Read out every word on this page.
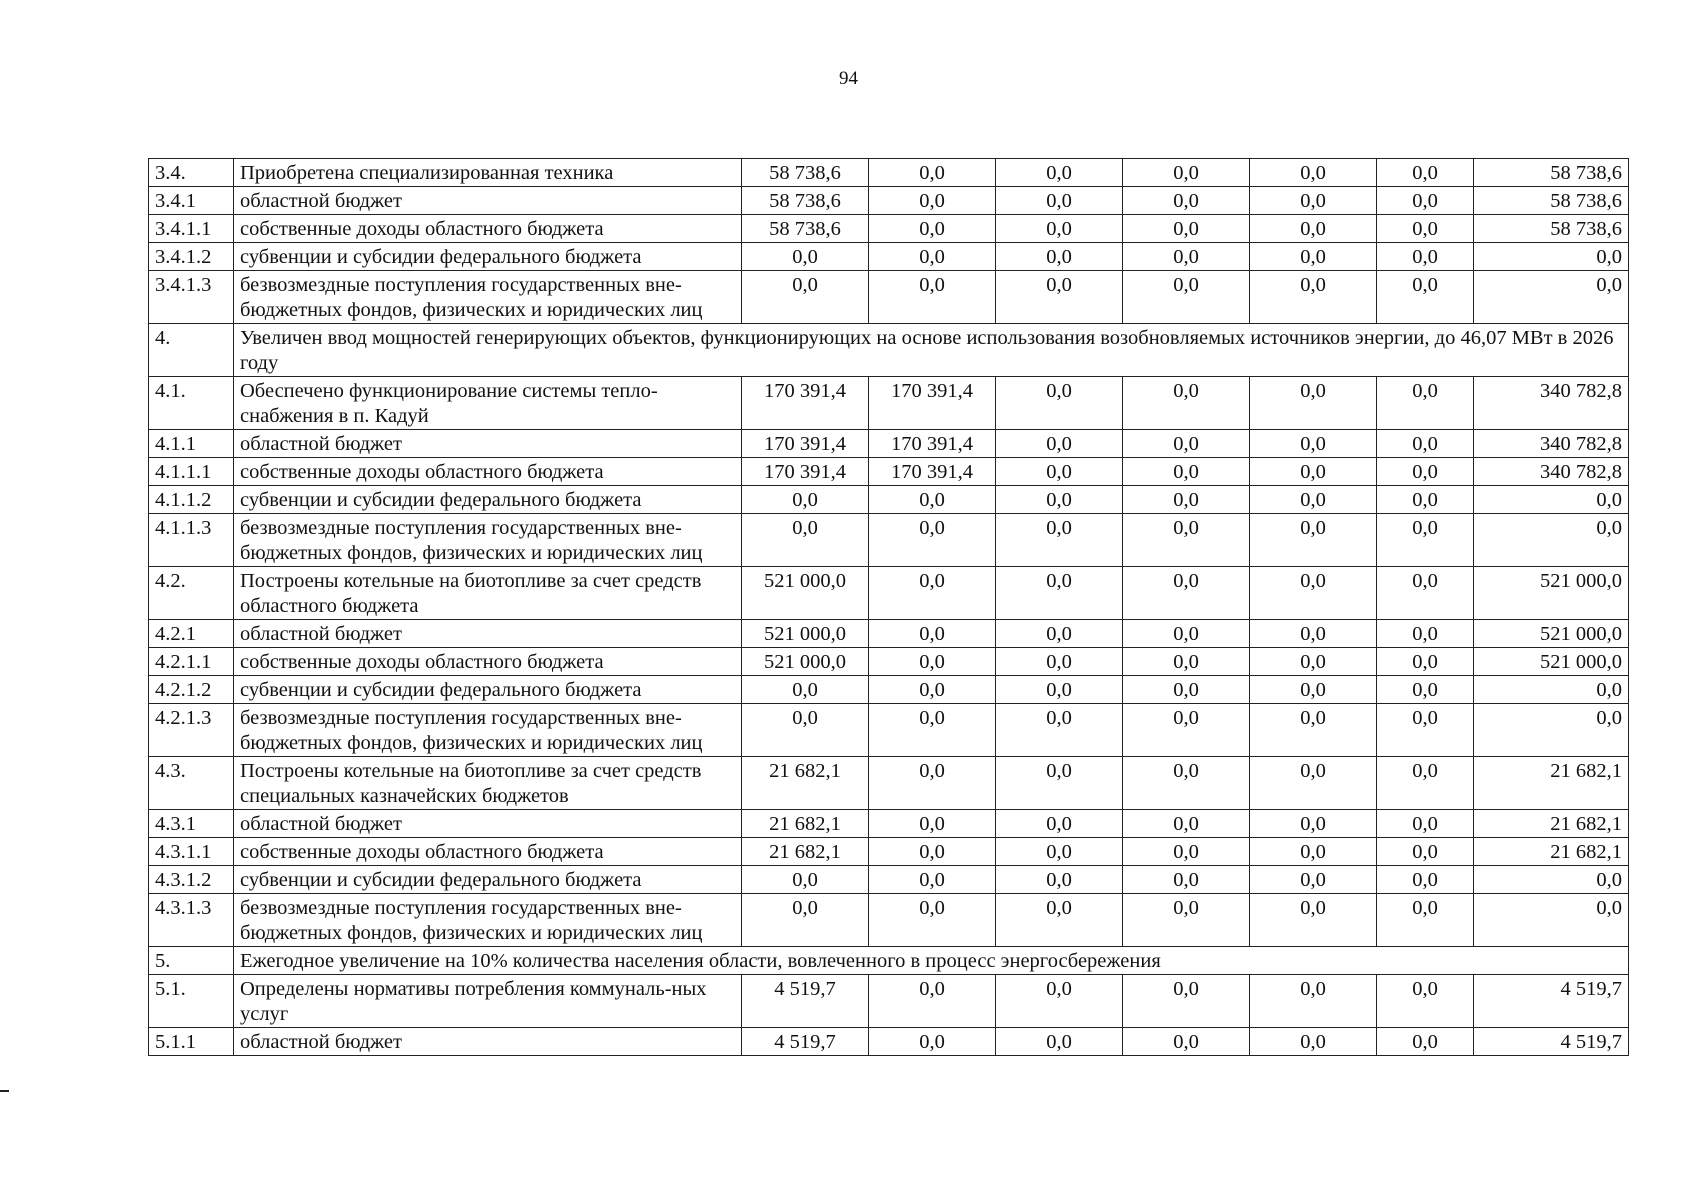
94
3.4.	Приобретена специализированная техника	58 738,6	0,0	0,0	0,0	0,0	0,0	58 738,6
3.4.1	областной бюджет	58 738,6	0,0	0,0	0,0	0,0	0,0	58 738,6
3.4.1.1	собственные доходы областного бюджета	58 738,6	0,0	0,0	0,0	0,0	0,0	58 738,6
3.4.1.2	субвенции и субсидии федерального бюджета	0,0	0,0	0,0	0,0	0,0	0,0	0,0
3.4.1.3	безвозмездные поступления государственных вне-бюджетных фондов, физических и юридических лиц	0,0	0,0	0,0	0,0	0,0	0,0	0,0
4.	Увеличен ввод мощностей генерирующих объектов, функционирующих на основе использования возобновляемых источников энергии, до 46,07 МВт в 2026 году							
4.1.	Обеспечено функционирование системы тепло-снабжения в п. Кадуй	170 391,4	170 391,4	0,0	0,0	0,0	0,0	340 782,8
4.1.1	областной бюджет	170 391,4	170 391,4	0,0	0,0	0,0	0,0	340 782,8
4.1.1.1	собственные доходы областного бюджета	170 391,4	170 391,4	0,0	0,0	0,0	0,0	340 782,8
4.1.1.2	субвенции и субсидии федерального бюджета	0,0	0,0	0,0	0,0	0,0	0,0	0,0
4.1.1.3	безвозмездные поступления государственных вне-бюджетных фондов, физических и юридических лиц	0,0	0,0	0,0	0,0	0,0	0,0	0,0
4.2.	Построены котельные на биотопливе за счет средств областного бюджета	521 000,0	0,0	0,0	0,0	0,0	0,0	521 000,0
4.2.1	областной бюджет	521 000,0	0,0	0,0	0,0	0,0	0,0	521 000,0
4.2.1.1	собственные доходы областного бюджета	521 000,0	0,0	0,0	0,0	0,0	0,0	521 000,0
4.2.1.2	субвенции и субсидии федерального бюджета	0,0	0,0	0,0	0,0	0,0	0,0	0,0
4.2.1.3	безвозмездные поступления государственных вне-бюджетных фондов, физических и юридических лиц	0,0	0,0	0,0	0,0	0,0	0,0	0,0
4.3.	Построены котельные на биотопливе за счет средств специальных казначейских бюджетов	21 682,1	0,0	0,0	0,0	0,0	0,0	21 682,1
4.3.1	областной бюджет	21 682,1	0,0	0,0	0,0	0,0	0,0	21 682,1
4.3.1.1	собственные доходы областного бюджета	21 682,1	0,0	0,0	0,0	0,0	0,0	21 682,1
4.3.1.2	субвенции и субсидии федерального бюджета	0,0	0,0	0,0	0,0	0,0	0,0	0,0
4.3.1.3	безвозмездные поступления государственных вне-бюджетных фондов, физических и юридических лиц	0,0	0,0	0,0	0,0	0,0	0,0	0,0
5.	Ежегодное увеличение на 10% количества населения области, вовлеченного в процесс энергосбережения							
5.1.	Определены нормативы потребления коммуналь-ных услуг	4 519,7	0,0	0,0	0,0	0,0	0,0	4 519,7
5.1.1	областной бюджет	4 519,7	0,0	0,0	0,0	0,0	0,0	4 519,7
